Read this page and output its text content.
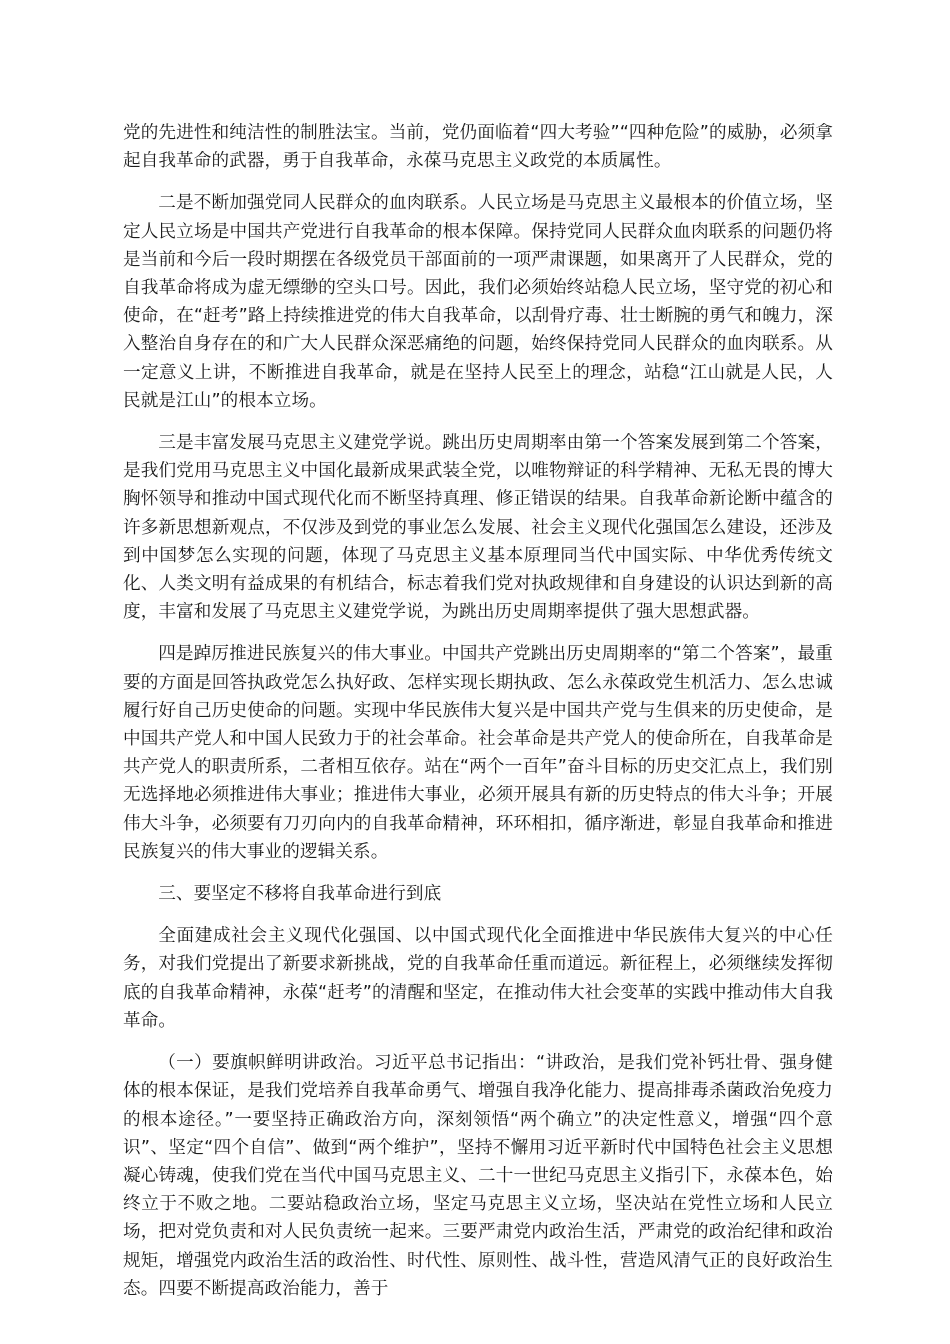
党的先进性和纯洁性的制胜法宝。当前，党仍面临着“四大考验”“四种危险”的威胁，必须拿起自我革命的武器，勇于自我革命，永葆马克思主义政党的本质属性。

二是不断加强党同人民群众的血肉联系。人民立场是马克思主义最根本的价值立场，坚定人民立场是中国共产党进行自我革命的根本保障。保持党同人民群众血肉联系的问题仍将是当前和今后一段时期摆在各级党员干部面前的一项严肃课题，如果离开了人民群众，党的自我革命将成为虚无缥缈的空头口号。因此，我们必须始终站稳人民立场，坚守党的初心和使命，在“赶考”路上持续推进党的伟大自我革命，以刮骨疗毒、壮士断腕的勇气和魄力，深入整治自身存在的和广大人民群众深恶痛绝的问题，始终保持党同人民群众的血肉联系。从一定意义上讲，不断推进自我革命，就是在坚持人民至上的理念，站稳“江山就是人民，人民就是江山”的根本立场。

三是丰富发展马克思主义建党学说。跳出历史周期率由第一个答案发展到第二个答案，是我们党用马克思主义中国化最新成果武装全党，以唯物辩证的科学精神、无私无畏的博大胸怀领导和推动中国式现代化而不断坚持真理、修正错误的结果。自我革命新论断中蕴含的许多新思想新观点，不仅涉及到党的事业怎么发展、社会主义现代化强国怎么建设，还涉及到中国梦怎么实现的问题，体现了马克思主义基本原理同当代中国实际、中华优秀传统文化、人类文明有益成果的有机结合，标志着我们党对执政规律和自身建设的认识达到新的高度，丰富和发展了马克思主义建党学说，为跳出历史周期率提供了强大思想武器。

四是踔厉推进民族复兴的伟大事业。中国共产党跳出历史周期率的“第二个答案”，最重要的方面是回答执政党怎么执好政、怎样实现长期执政、怎么永葆政党生机活力、怎么忠诚履行好自己历史使命的问题。实现中华民族伟大复兴是中国共产党与生俱来的历史使命，是中国共产党人和中国人民致力于的社会革命。社会革命是共产党人的使命所在，自我革命是共产党人的职责所系，二者相互依存。站在“两个一百年”奋斗目标的历史交汇点上，我们别无选择地必须推进伟大事业；推进伟大事业，必须开展具有新的历史特点的伟大斗争；开展伟大斗争，必须要有刀刃向内的自我革命精神，环环相扣，循序渐进，彰显自我革命和推进民族复兴的伟大事业的逻辑关系。

三、要坚定不移将自我革命进行到底

全面建成社会主义现代化强国、以中国式现代化全面推进中华民族伟大复兴的中心任务，对我们党提出了新要求新挑战，党的自我革命任重而道远。新征程上，必须继续发挥彻底的自我革命精神，永葆“赶考”的清醒和坚定，在推动伟大社会变革的实践中推动伟大自我革命。

（一）要旗帜鲜明讲政治。习近平总书记指出：“讲政治，是我们党补钙壮骨、强身健体的根本保证，是我们党培养自我革命勇气、增强自我净化能力、提高排毒杀菌政治免疫力的根本途径。”一要坚持正确政治方向，深刻领悟“两个确立”的决定性意义，增强“四个意识”、坚定“四个自信”、做到“两个维护”，坚持不懈用习近平新时代中国特色社会主义思想凝心铸魂，使我们党在当代中国马克思主义、二十一世纪马克思主义指引下，永葆本色，始终立于不败之地。二要站稳政治立场，坚定马克思主义立场，坚决站在党性立场和人民立场，把对党负责和对人民负责统一起来。三要严肃党内政治生活，严肃党的政治纪律和政治规矩，增强党内政治生活的政治性、时代性、原则性、战斗性，营造风清气正的良好政治生态。四要不断提高政治能力，善于
